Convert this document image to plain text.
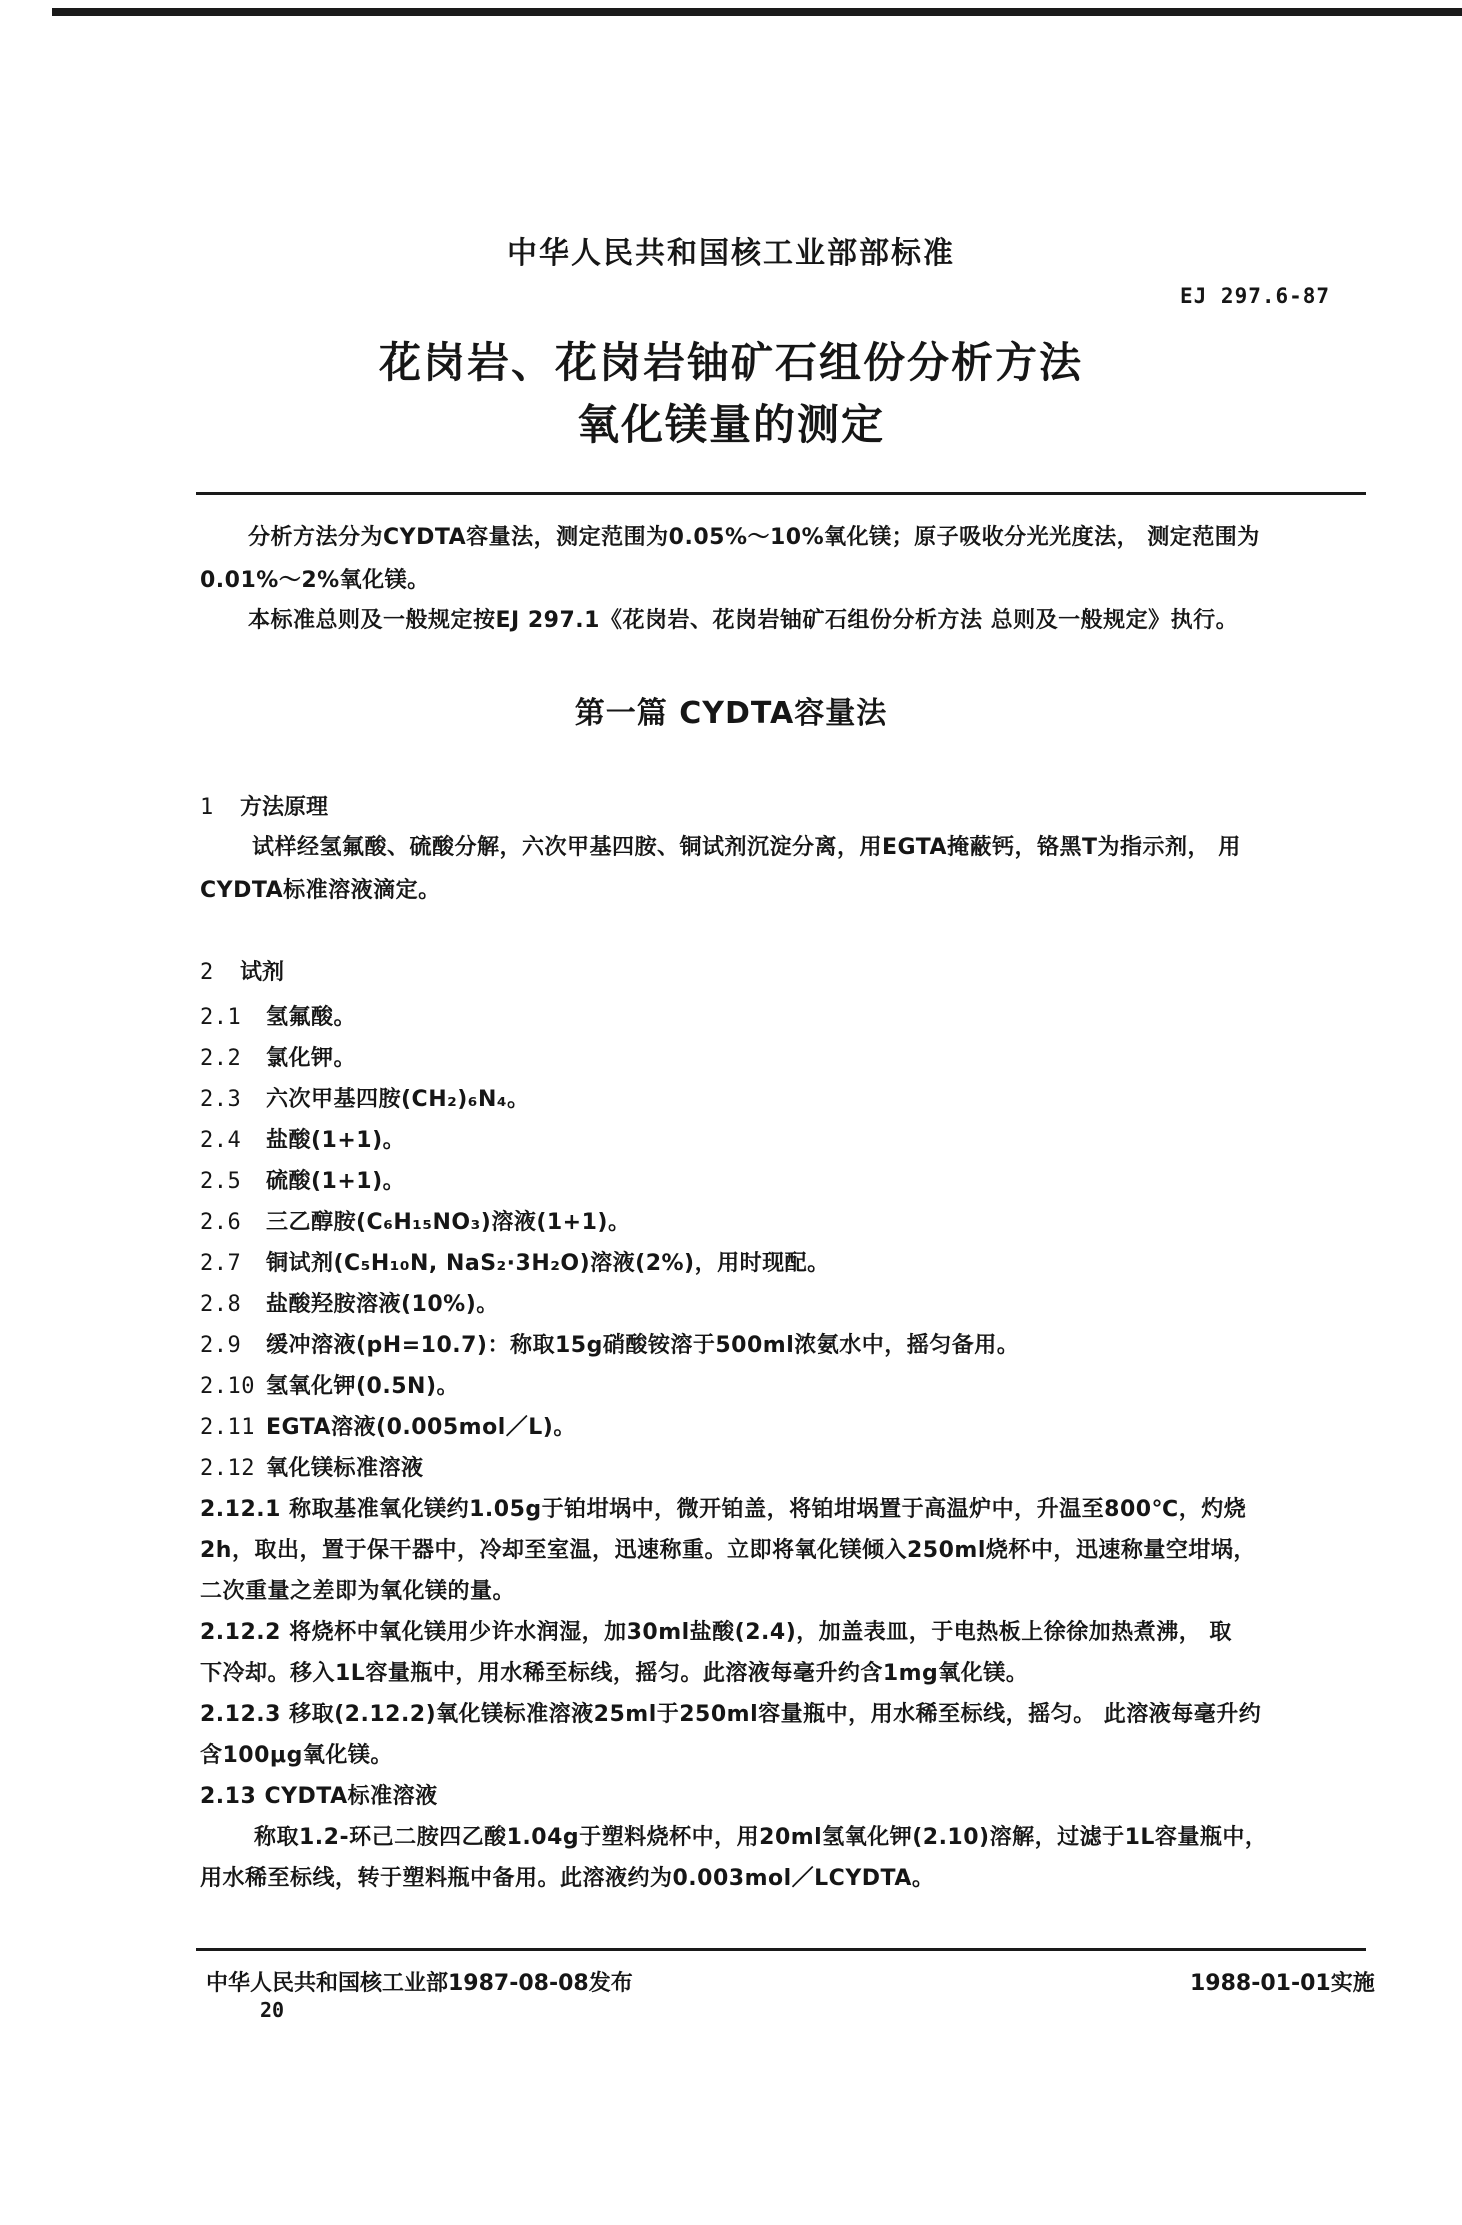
中华人民共和国核工业部部标准
EJ 297.6-87
花岗岩、花岗岩铀矿石组份分析方法
氧化镁量的测定
分析方法分为CYDTA容量法，测定范围为0.05%～10%氧化镁；原子吸收分光光度法， 测定范围为
0.01%～2%氧化镁。
本标准总则及一般规定按EJ 297.1《花岗岩、花岗岩铀矿石组份分析方法 总则及一般规定》执行。
第一篇 CYDTA容量法
1 方法原理
试样经氢氟酸、硫酸分解，六次甲基四胺、铜试剂沉淀分离，用EGTA掩蔽钙，铬黑T为指示剂， 用
CYDTA标准溶液滴定。
2 试剂
2.1 氢氟酸。
2.2 氯化钾。
2.3 六次甲基四胺(CH₂)₆N₄。
2.4 盐酸(1+1)。
2.5 硫酸(1+1)。
2.6 三乙醇胺(C₆H₁₅NO₃)溶液(1+1)。
2.7 铜试剂(C₅H₁₀N, NaS₂·3H₂O)溶液(2%)，用时现配。
2.8 盐酸羟胺溶液(10%)。
2.9 缓冲溶液(pH=10.7)：称取15g硝酸铵溶于500ml浓氨水中，摇匀备用。
2.10 氢氧化钾(0.5N)。
2.11 EGTA溶液(0.005mol／L)。
2.12 氧化镁标准溶液
2.12.1 称取基准氧化镁约1.05g于铂坩埚中，微开铂盖，将铂坩埚置于高温炉中，升温至800℃，灼烧
2h，取出，置于保干器中，冷却至室温，迅速称重。立即将氧化镁倾入250ml烧杯中，迅速称量空坩埚，
二次重量之差即为氧化镁的量。
2.12.2 将烧杯中氧化镁用少许水润湿，加30ml盐酸(2.4)，加盖表皿，于电热板上徐徐加热煮沸， 取
下冷却。移入1L容量瓶中，用水稀至标线，摇匀。此溶液每毫升约含1mg氧化镁。
2.12.3 移取(2.12.2)氧化镁标准溶液25ml于250ml容量瓶中，用水稀至标线，摇匀。 此溶液每毫升约
含100μg氧化镁。
2.13 CYDTA标准溶液
称取1.2-环己二胺四乙酸1.04g于塑料烧杯中，用20ml氢氧化钾(2.10)溶解，过滤于1L容量瓶中，
用水稀至标线，转于塑料瓶中备用。此溶液约为0.003mol／LCYDTA。
中华人民共和国核工业部1987-08-08发布	1988-01-01实施
20
